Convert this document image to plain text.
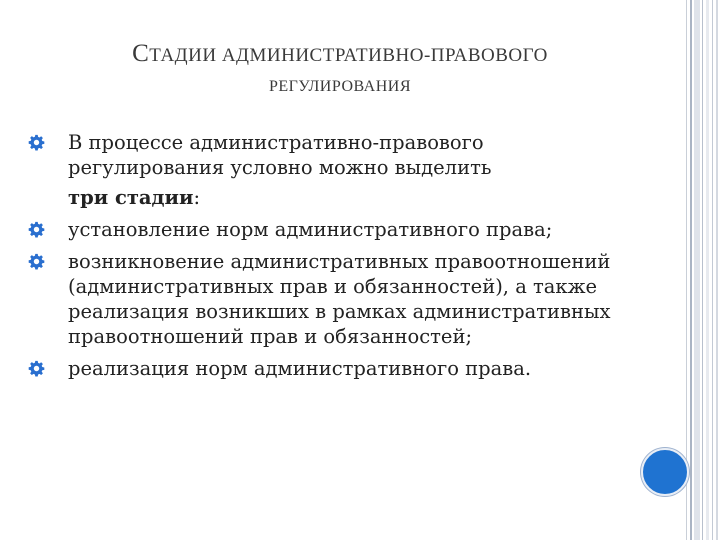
СТАДИИ АДМИНИСТРАТИВНО-ПРАВОВОГО
РЕГУЛИРОВАНИЯ
В процессе административно-правового регулирования условно можно выделить
три стадии:
установление норм административного права;
возникновение административных правоотношений (административных прав и обязанностей), а также реализация возникших в рамках административных правоотношений прав и обязанностей;
реализация норм административного права.
